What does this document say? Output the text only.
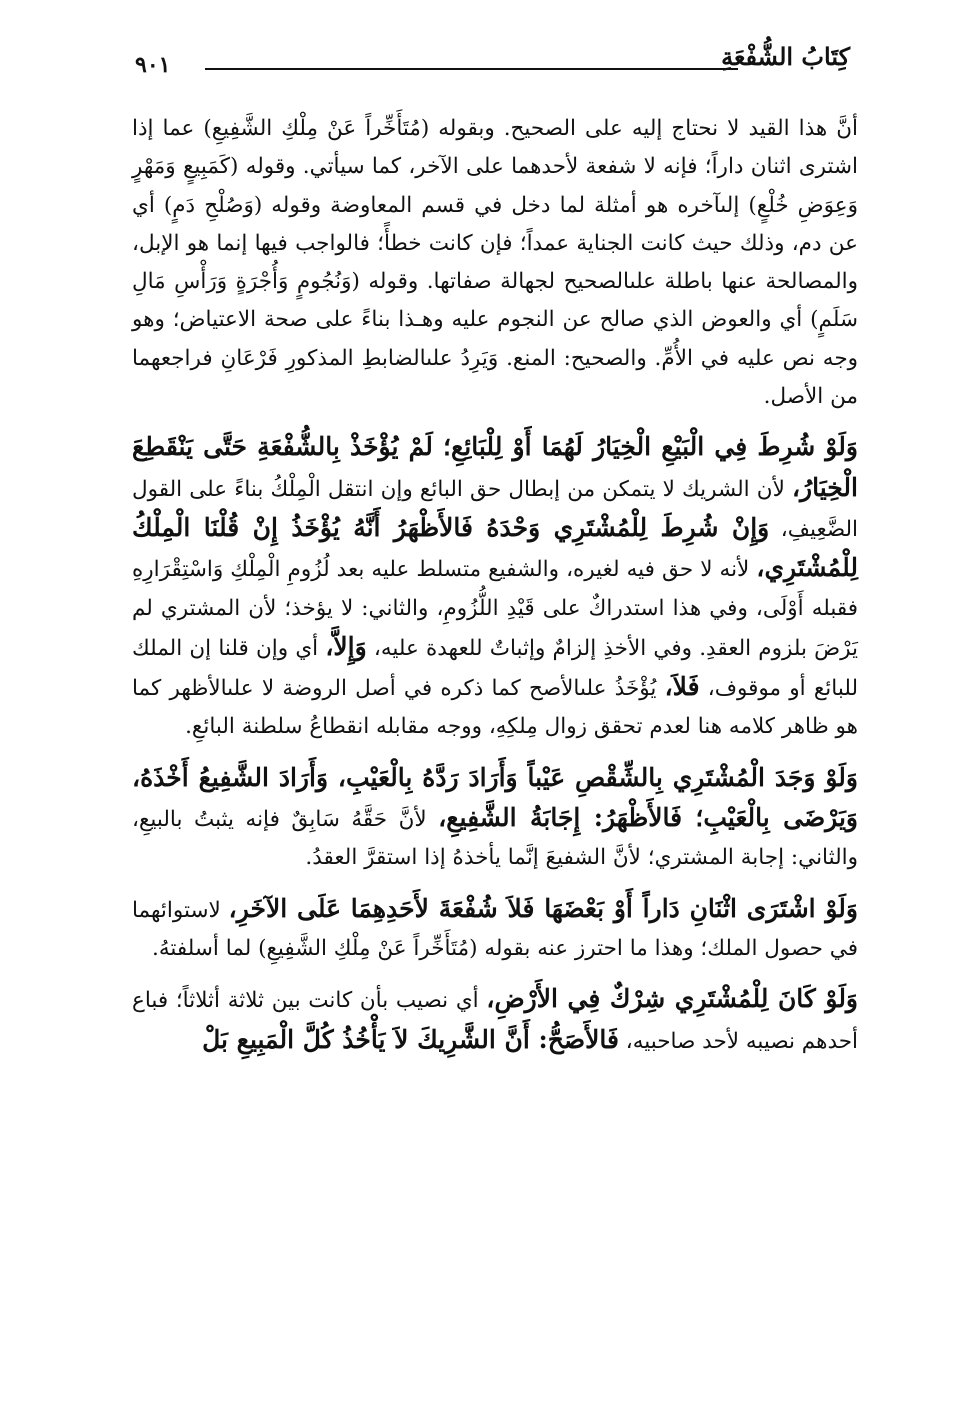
كِتَابُ الشُّفْعَةِ
٩٠١

أنَّ هذا القيد لا نحتاج إليه على الصحيح. وبقوله (مُتَأَخِّراً عَنْ مِلْكِ الشَّفِيعِ) عما إذا اشترى اثنان داراً؛ فإنه لا شفعة لأحدهما على الآخر، كما سيأتي. وقوله (كَمَبِيعٍ وَمَهْرٍ وَعِوَضِ خُلْعٍ) إلىآخره هو أمثلة لما دخل في قسم المعاوضة وقوله (وَصُلْحِ دَمٍ) أي عن دم، وذلك حيث كانت الجناية عمداً؛ فإن كانت خطأً؛ فالواجب فيها إنما هو الإبل، والمصالحة عنها باطلة علىالصحيح لجهالة صفاتها. وقوله (وَنُجُومٍ وَأُجْرَةٍ وَرَأْسِ مَالِ سَلَمٍ) أي والعوض الذي صالح عن النجوم عليه وهـذا بناءً على صحة الاعتياض؛ وهو وجه نص عليه في الأُمِّ. والصحيح: المنع. وَيَرِدُ علىالضابطِ المذكورِ فَرْعَانِ فراجعهما من الأصل.

وَلَوْ شُرِطَ فِي الْبَيْعِ الْخِيَارُ لَهُمَا أَوْ لِلْبَائِعِ؛ لَمْ يُؤْخَذْ بِالشُّفْعَةِ حَتَّى يَنْقَطِعَ الْخِيَارُ، لأن الشريك لا يتمكن من إبطال حق البائع وإن انتقل الْمِلْكُ بناءً على القول الضَّعِيفِ، وَإِنْ شُرِطَ لِلْمُشْتَرِي وَحْدَهُ فَالأَظْهَرُ أَنَّهُ يُؤْخَذُ إِنْ قُلْنَا الْمِلْكُ لِلْمُشْتَرِي، لأنه لا حق فيه لغيره، والشفيع متسلط عليه بعد لُزُومِ الْمِلْكِ وَاسْتِقْرَارِهِ فقبله أَوْلَى، وفي هذا استدراكٌ على قَيْدِ اللُّزُومِ، والثاني: لا يؤخذ؛ لأن المشتري لم يَرْضَ بلزوم العقدِ. وفي الأخذِ إلزامٌ وإثباتٌ للعهدة عليه، وَإِلاَّ، أي وإن قلنا إن الملك للبائع أو موقوف، فَلاَ، يُؤْخَذُ علىالأصح كما ذكره في أصل الروضة لا علىالأظهر كما هو ظاهر كلامه هنا لعدم تحقق زوال مِلكِهِ، ووجه مقابله انقطاعُ سلطنة البائعِ.

وَلَوْ وَجَدَ الْمُشْتَرِي بِالشِّقْصِ عَيْباً وَأَرَادَ رَدَّهُ بِالْعَيْبِ، وَأَرَادَ الشَّفِيعُ أَخْذَهُ، وَيَرْضَى بِالْعَيْبِ؛ فَالأَظْهَرُ: إِجَابَةُ الشَّفِيعِ، لأنَّ حَقَّهُ سَابِقٌ فإنه يثبتُ بالبيعِ، والثاني: إجابة المشتري؛ لأنَّ الشفيعَ إنَّما يأخذهُ إذا استقرَّ العقدُ.

وَلَوْ اشْتَرَى اثْنَانِ دَاراً أَوْ بَعْضَهَا فَلاَ شُفْعَةَ لأَحَدِهِمَا عَلَى الآخَرِ، لاستوائهما في حصول الملك؛ وهذا ما احترز عنه بقوله (مُتَأَخِّراً عَنْ مِلْكِ الشَّفِيعِ) لما أسلفتهُ.

وَلَوْ كَانَ لِلْمُشْتَرِي شِرْكٌ فِي الأَرْضِ، أي نصيب بأن كانت بين ثلاثة أثلاثاً؛ فباع أحدهم نصيبه لأحد صاحبيه، فَالأَصَحُّ: أَنَّ الشَّرِيكَ لاَ يَأْخُذُ كُلَّ الْمَبِيعِ بَلْ
